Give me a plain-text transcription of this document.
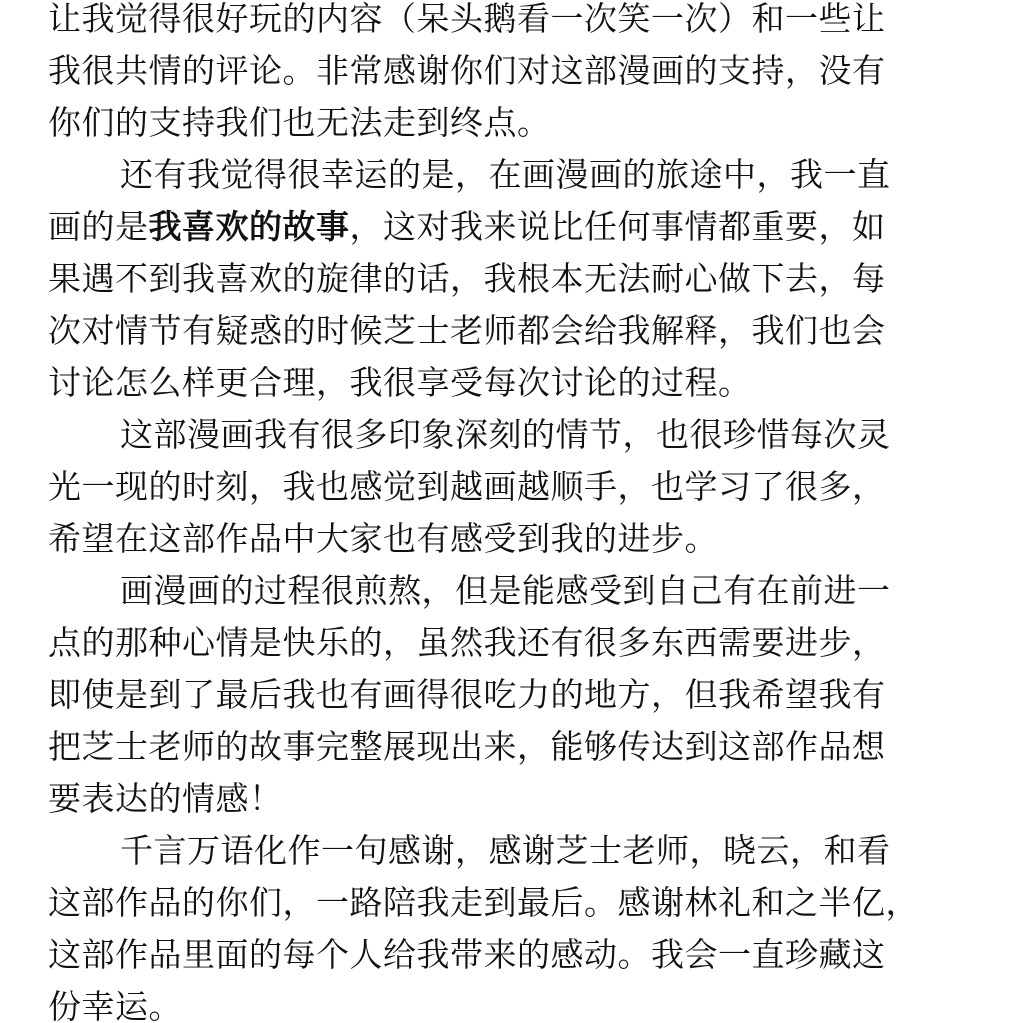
让我觉得很好玩的内容（呆头鹅看一次笑一次）和一些让
我很共情的评论。非常感谢你们对这部漫画的支持，没有
你们的支持我们也无法走到终点。
还有我觉得很幸运的是，在画漫画的旅途中，我一直
画的是我喜欢的故事，这对我来说比任何事情都重要，如
果遇不到我喜欢的旋律的话，我根本无法耐心做下去，每
次对情节有疑惑的时候芝士老师都会给我解释，我们也会
讨论怎么样更合理，我很享受每次讨论的过程。
这部漫画我有很多印象深刻的情节，也很珍惜每次灵
光一现的时刻，我也感觉到越画越顺手，也学习了很多，
希望在这部作品中大家也有感受到我的进步。
画漫画的过程很煎熬，但是能感受到自己有在前进一
点的那种心情是快乐的，虽然我还有很多东西需要进步，
即使是到了最后我也有画得很吃力的地方，但我希望我有
把芝士老师的故事完整展现出来，能够传达到这部作品想
要表达的情感！
千言万语化作一句感谢，感谢芝士老师，晓云，和看
这部作品的你们，一路陪我走到最后。感谢林礼和之半亿，
这部作品里面的每个人给我带来的感动。我会一直珍藏这
份幸运。
